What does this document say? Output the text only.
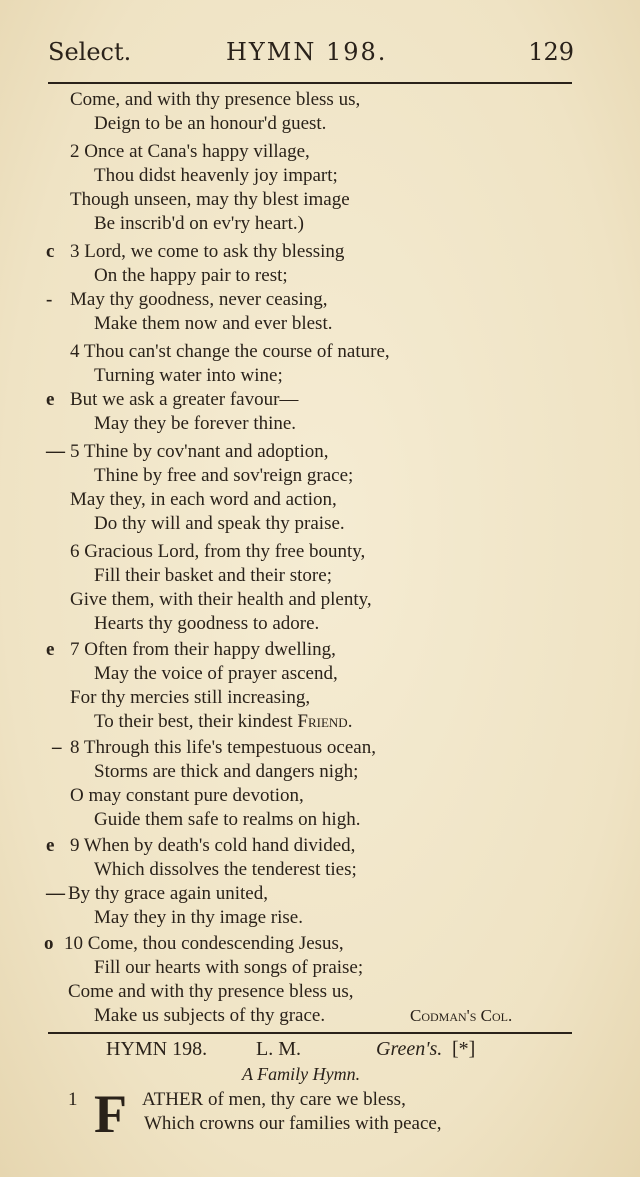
Select.	HYMN 198.	129
Come, and with thy presence bless us,
Deign to be an honour'd guest.
2 Once at Cana's happy village,
Thou didst heavenly joy impart;
Though unseen, may thy blest image
Be inscrib'd on ev'ry heart.)
c 3 Lord, we come to ask thy blessing
On the happy pair to rest;
- May thy goodness, never ceasing,
Make them now and ever blest.
4 Thou can'st change the course of nature,
Turning water into wine;
e But we ask a greater favour—
May they be forever thine.
— 5 Thine by cov'nant and adoption,
Thine by free and sov'reign grace;
May they, in each word and action,
Do thy will and speak thy praise.
6 Gracious Lord, from thy free bounty,
Fill their basket and their store;
Give them, with their health and plenty,
Hearts thy goodness to adore.
e 7 Often from their happy dwelling,
May the voice of prayer ascend,
For thy mercies still increasing,
To their best, their kindest Friend.
– 8 Through this life's tempestuous ocean,
Storms are thick and dangers nigh;
O may constant pure devotion,
Guide them safe to realms on high.
e 9 When by death's cold hand divided,
Which dissolves the tenderest ties;
— By thy grace again united,
May they in thy image rise.
o 10 Come, thou condescending Jesus,
Fill our hearts with songs of praise;
Come and with thy presence bless us,
Make us subjects of thy grace.	Codman's Col.
HYMN 198. L. M.	Green's. [*]
A Family Hymn.
1 F ATHER of men, thy care we bless,
Which crowns our families with peace,
